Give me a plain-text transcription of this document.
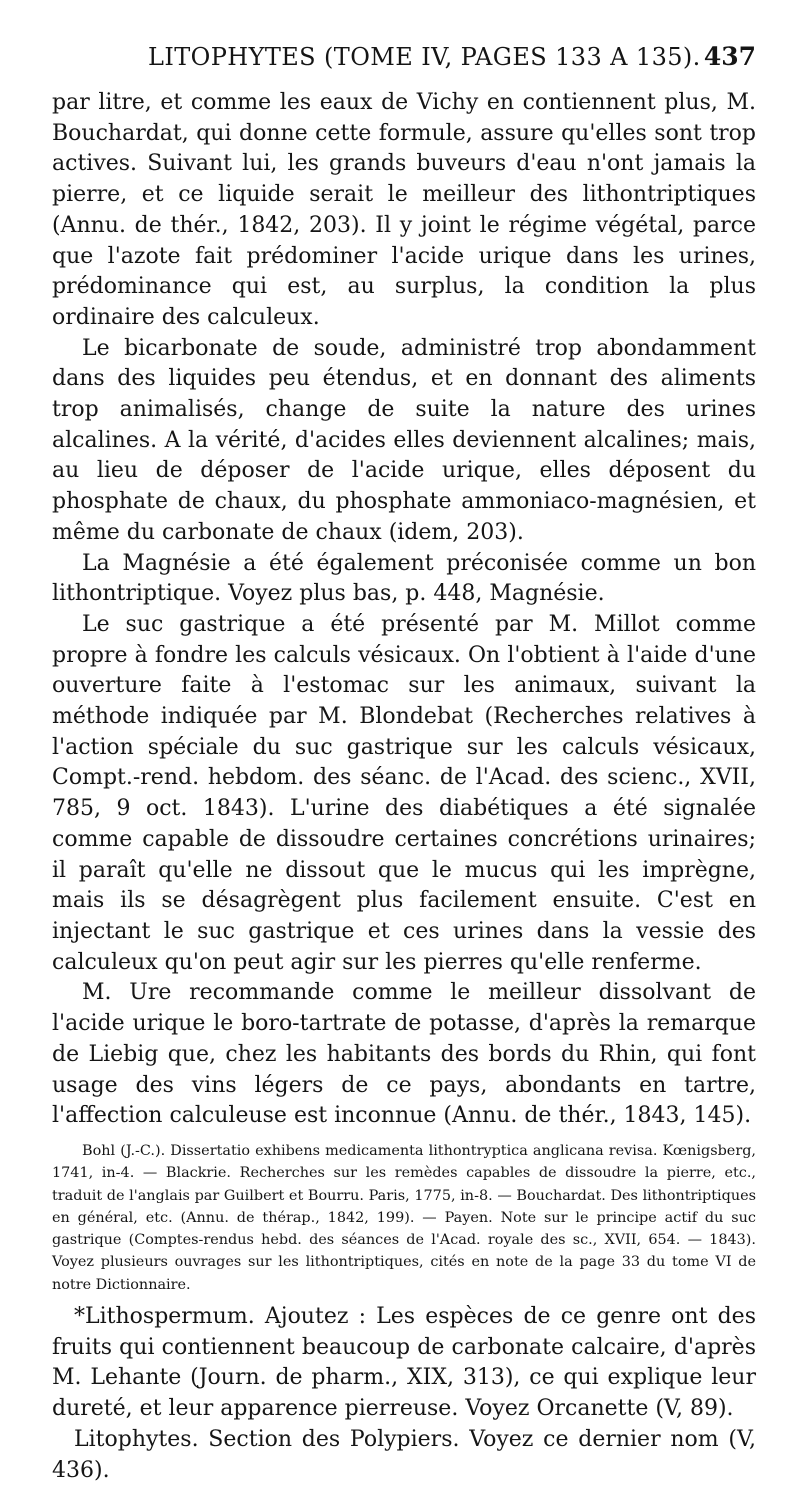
LITOPHYTES (TOME IV, PAGES 133 A 135). 437

par litre, et comme les eaux de Vichy en contiennent plus, M. Bouchardat, qui donne cette formule, assure qu'elles sont trop actives. Suivant lui, les grands buveurs d'eau n'ont jamais la pierre, et ce liquide serait le meilleur des lithontriptiques (Annu. de thér., 1842, 203). Il y joint le régime végétal, parce que l'azote fait prédominer l'acide urique dans les urines, prédominance qui est, au surplus, la condition la plus ordinaire des calculeux.

Le bicarbonate de soude, administré trop abondamment dans des liquides peu étendus, et en donnant des aliments trop animalisés, change de suite la nature des urines alcalines. A la vérité, d'acides elles deviennent alcalines; mais, au lieu de déposer de l'acide urique, elles déposent du phosphate de chaux, du phosphate ammoniaco-magnésien, et même du carbonate de chaux (idem, 203).

La Magnésie a été également préconisée comme un bon lithontriptique. Voyez plus bas, p. 448, Magnésie.

Le suc gastrique a été présenté par M. Millot comme propre à fondre les calculs vésicaux. On l'obtient à l'aide d'une ouverture faite à l'estomac sur les animaux, suivant la méthode indiquée par M. Blondebat (Recherches relatives à l'action spéciale du suc gastrique sur les calculs vésicaux, Compt.-rend. hebdom. des séanc. de l'Acad. des scienc., XVII, 785, 9 oct. 1843). L'urine des diabétiques a été signalée comme capable de dissoudre certaines concrétions urinaires; il paraît qu'elle ne dissout que le mucus qui les imprègne, mais ils se désagrègent plus facilement ensuite. C'est en injectant le suc gastrique et ces urines dans la vessie des calculeux qu'on peut agir sur les pierres qu'elle renferme.

M. Ure recommande comme le meilleur dissolvant de l'acide urique le boro-tartrate de potasse, d'après la remarque de Liebig que, chez les habitants des bords du Rhin, qui font usage des vins légers de ce pays, abondants en tartre, l'affection calculeuse est inconnue (Annu. de thér., 1843, 145).

Bohl (J.-C.). Dissertatio exhibens medicamenta lithontryptica anglicana revisa. Kœnigsberg, 1741, in-4. — Blackrie. Recherches sur les remèdes capables de dissoudre la pierre, etc., traduit de l'anglais par Guilbert et Bourru. Paris, 1775, in-8. — Bouchardat. Des lithontriptiques en général, etc. (Annu. de thérap., 1842, 199). — Payen. Note sur le principe actif du suc gastrique (Comptes-rendus hebd. des séances de l'Acad. royale des sc., XVII, 654. — 1843). Voyez plusieurs ouvrages sur les lithontriptiques, cités en note de la page 33 du tome VI de notre Dictionnaire.

*Lithospermum. Ajoutez : Les espèces de ce genre ont des fruits qui contiennent beaucoup de carbonate calcaire, d'après M. Lehante (Journ. de pharm., XIX, 313), ce qui explique leur dureté, et leur apparence pierreuse. Voyez Orcanette (V, 89).

Litophytes. Section des Polypiers. Voyez ce dernier nom (V, 436).
